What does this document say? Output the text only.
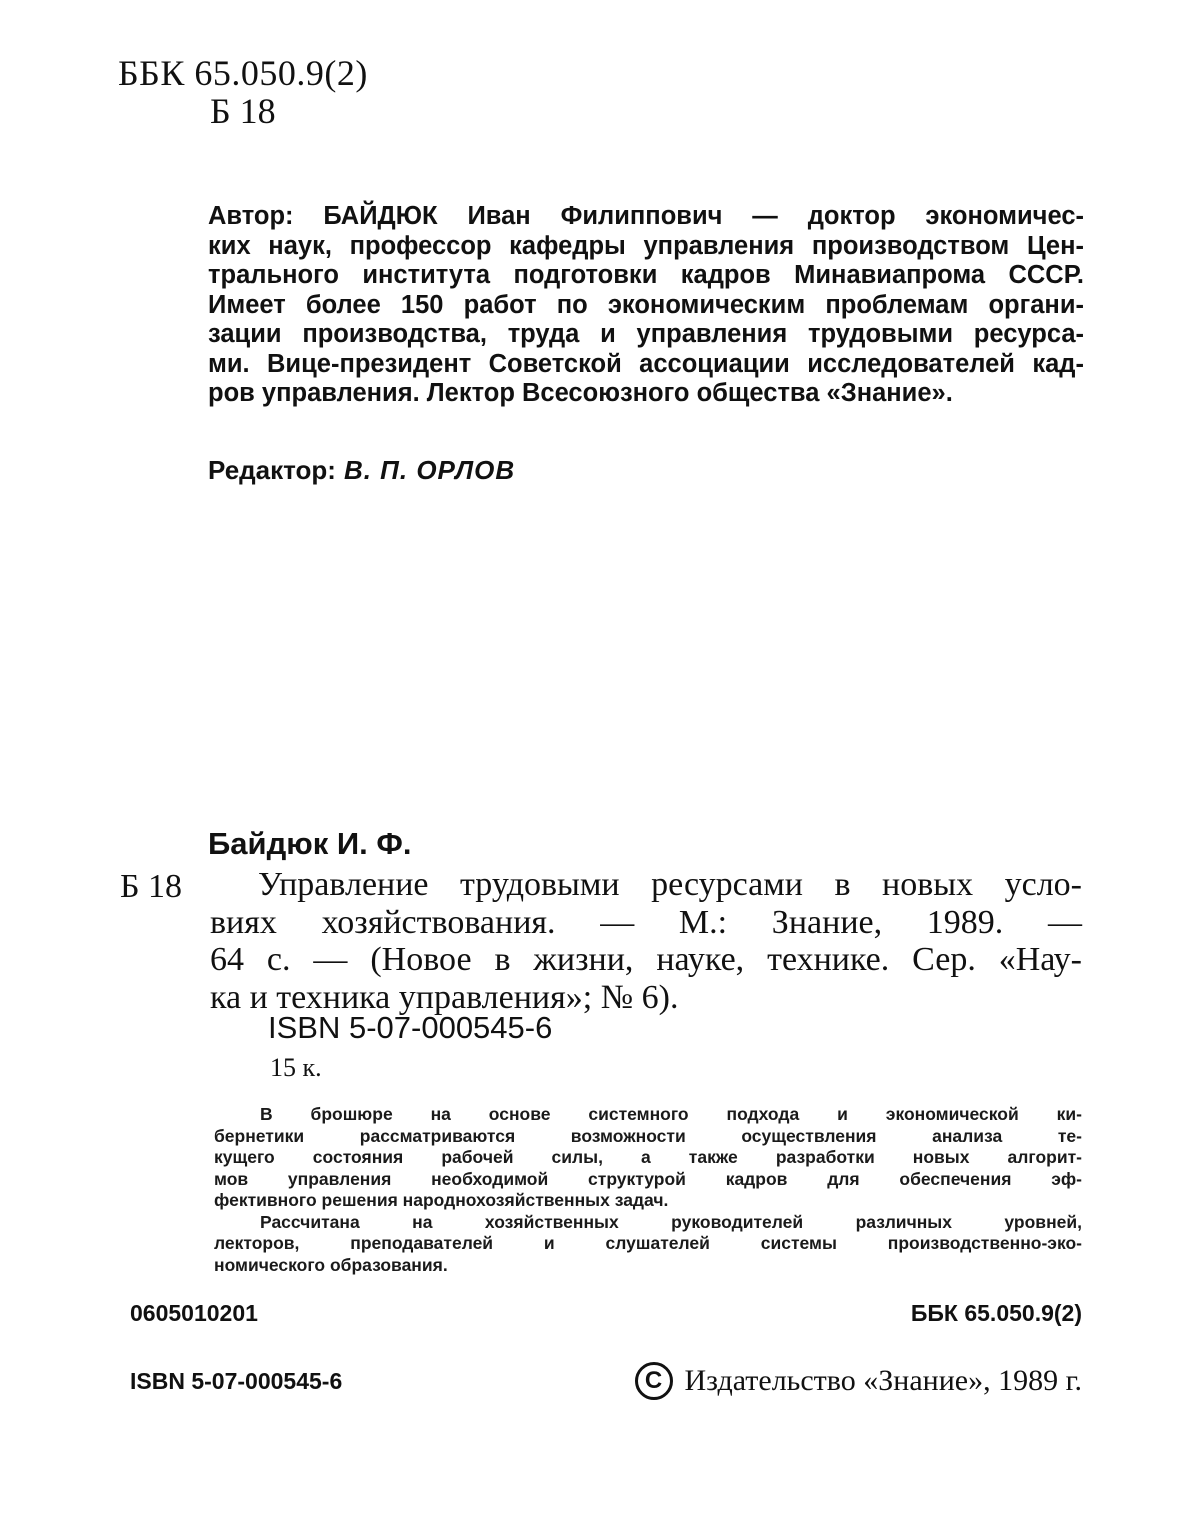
ББК 65.050.9(2)
Б 18
Автор: БАЙДЮК Иван Филиппович — доктор экономичес-
ких наук, профессор кафедры управления производством Цен-
трального института подготовки кадров Минавиапрома СССР.
Имеет более 150 работ по экономическим проблемам органи-
зации производства, труда и управления трудовыми ресурса-
ми. Вице-президент Советской ассоциации исследователей кад-
ров управления. Лектор Всесоюзного общества «Знание».
Редактор: В. П. ОРЛОВ
Байдюк И. Ф.
Б 18	Управление трудовыми ресурсами в новых усло-
виях хозяйствования. — М.: Знание, 1989. —
64 с. — (Новое в жизни, науке, технике. Сер. «Нау-
ка и техника управления»; № 6).
ISBN 5-07-000545-6
15 к.
В брошюре на основе системного подхода и экономической ки-
бернетики рассматриваются возможности осуществления анализа те-
кущего состояния рабочей силы, а также разработки новых алгорит-
мов управления необходимой структурой кадров для обеспечения эф-
фективного решения народнохозяйственных задач.
Рассчитана на хозяйственных руководителей различных уровней,
лекторов, преподавателей и слушателей системы производственно-эко-
номического образования.
0605010201	ББК 65.050.9(2)
ISBN 5-07-000545-6	C Издательство «Знание», 1989 г.
